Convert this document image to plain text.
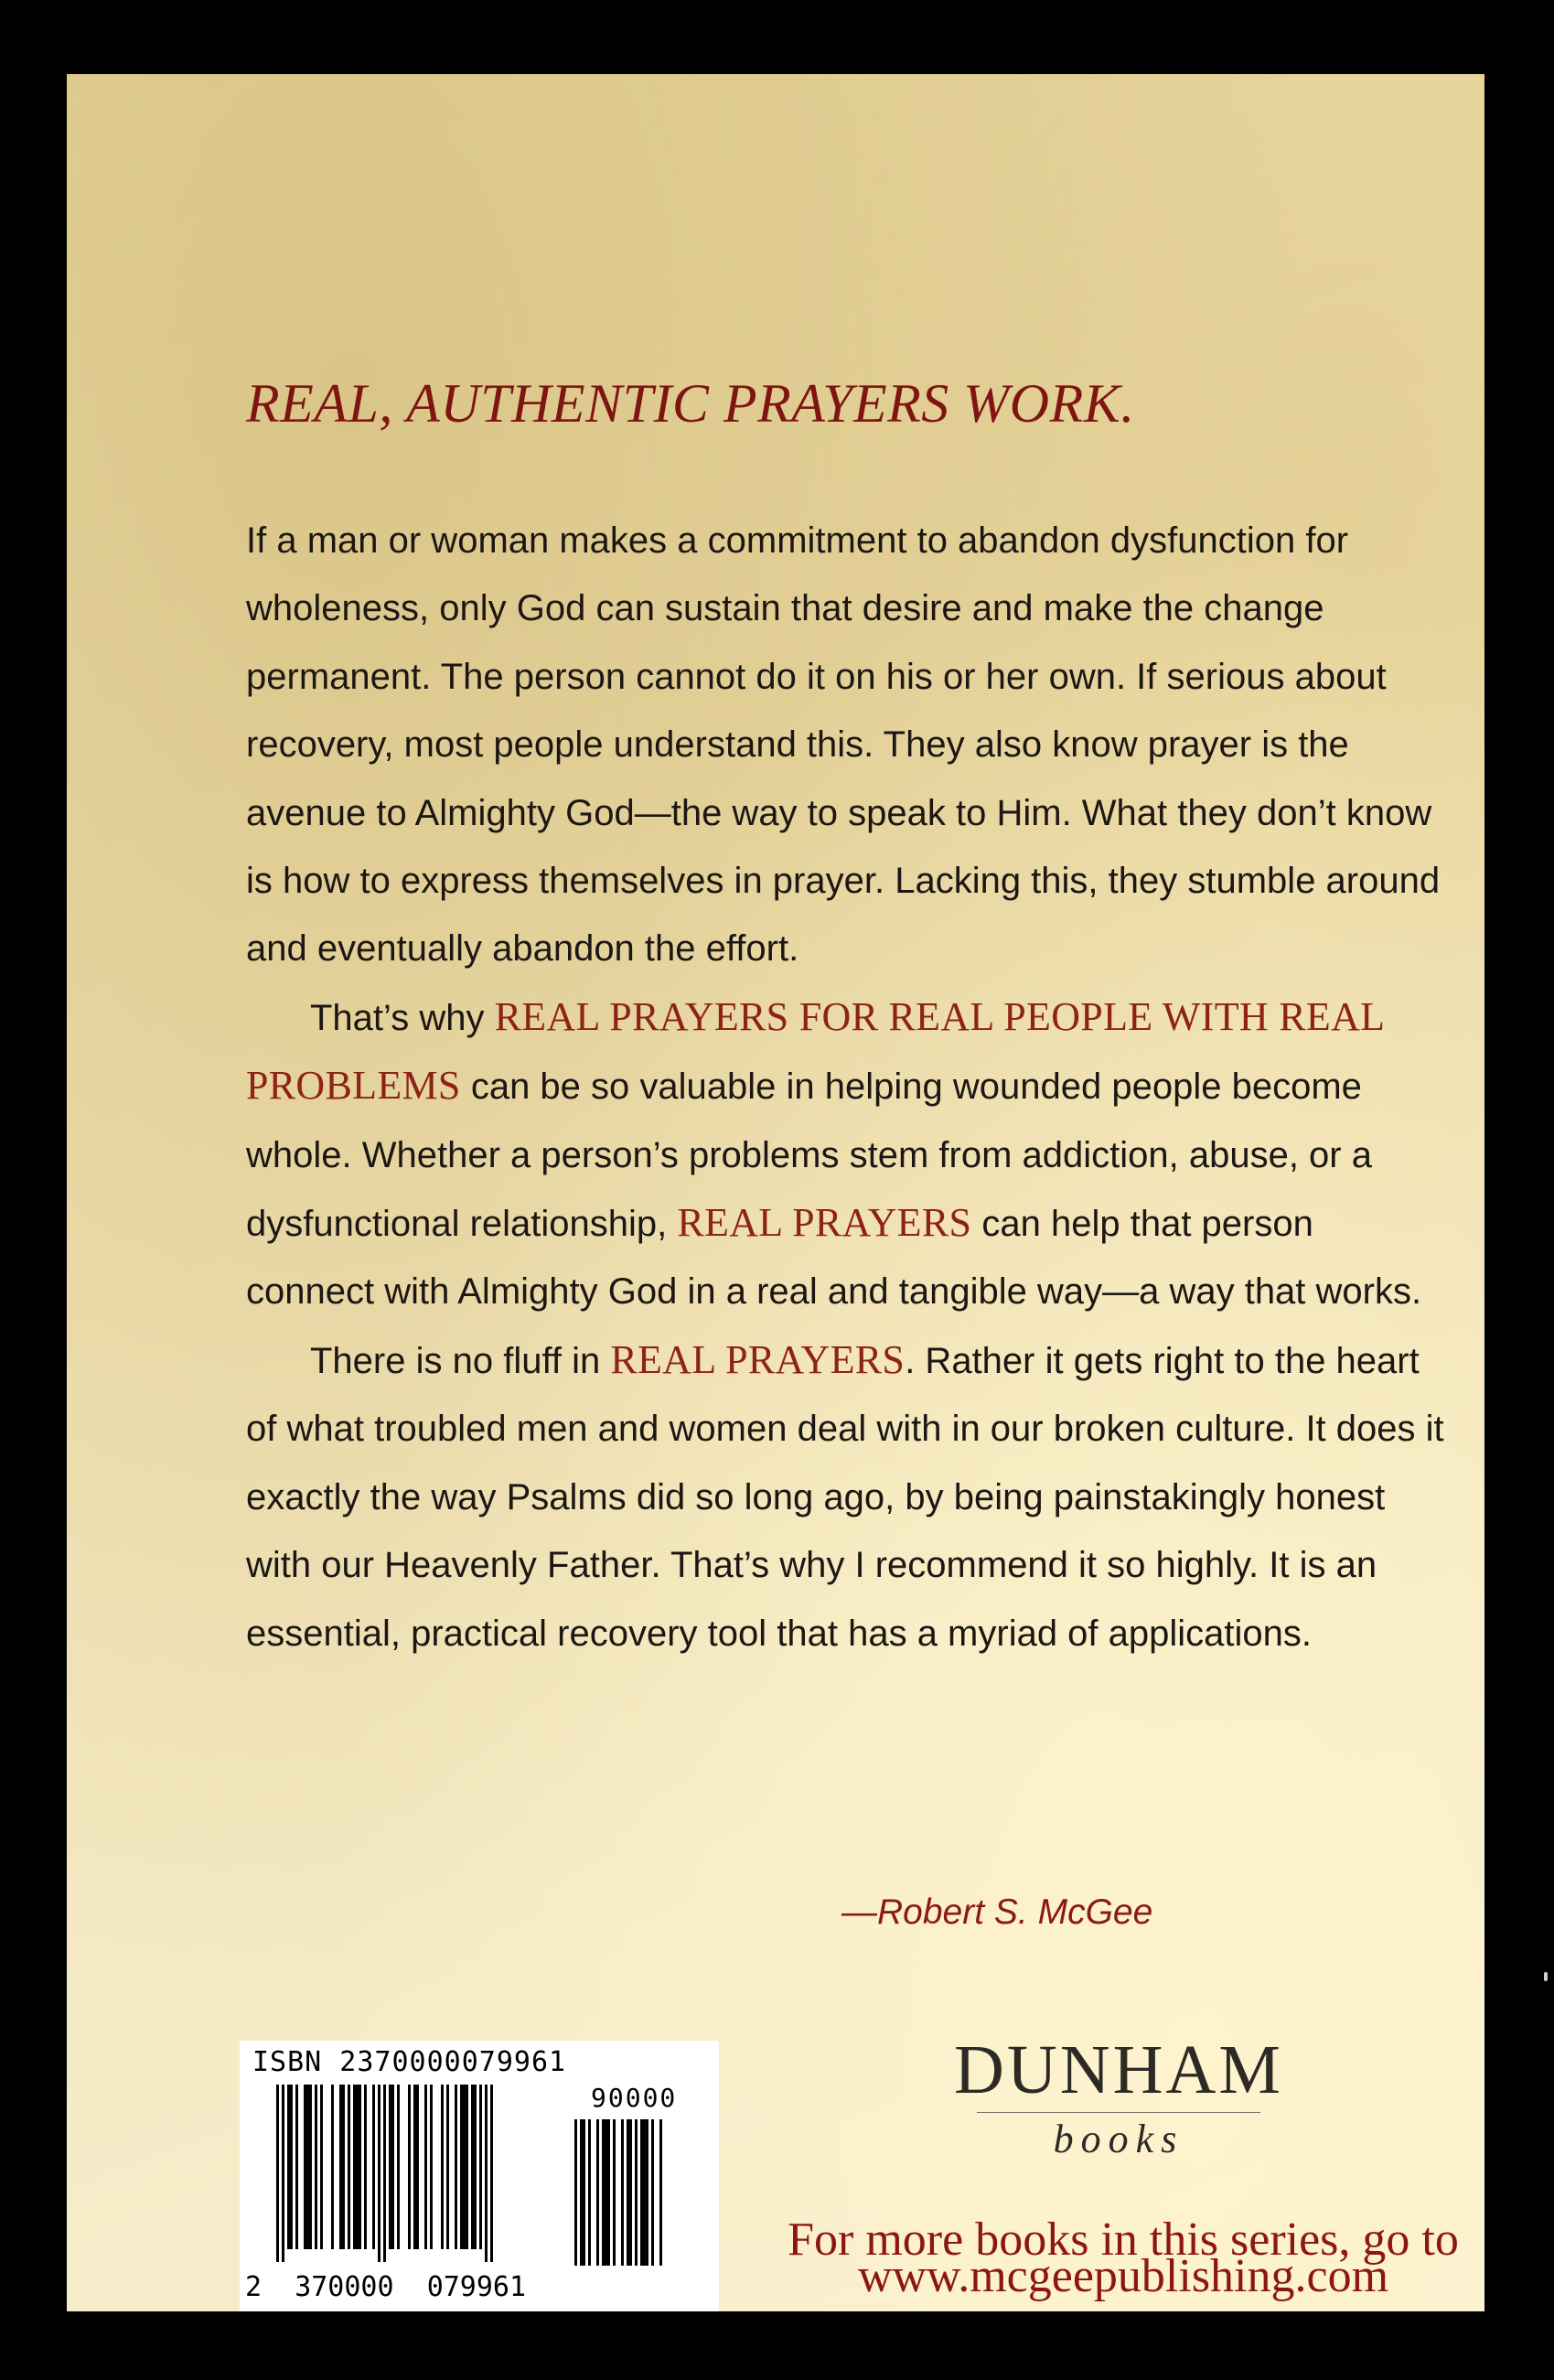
REAL, AUTHENTIC PRAYERS WORK.

If a man or woman makes a commitment to abandon dysfunction for wholeness, only God can sustain that desire and make the change permanent. The person cannot do it on his or her own. If serious about recovery, most people understand this. They also know prayer is the avenue to Almighty God—the way to speak to Him. What they don’t know is how to express themselves in prayer. Lacking this, they stumble around and eventually abandon the effort.

That’s why REAL PRAYERS FOR REAL PEOPLE WITH REAL PROBLEMS can be so valuable in helping wounded people become whole. Whether a person’s problems stem from addiction, abuse, or a dysfunctional relationship, REAL PRAYERS can help that person connect with Almighty God in a real and tangible way—a way that works.

There is no fluff in REAL PRAYERS. Rather it gets right to the heart of what troubled men and women deal with in our broken culture. It does it exactly the way Psalms did so long ago, by being painstakingly honest with our Heavenly Father. That’s why I recommend it so highly. It is an essential, practical recovery tool that has a myriad of applications.

—Robert S. McGee

ISBN 2370000079961
90000
2 370000 079961
DUNHAM
books
For more books in this series, go to
www.mcgeepublishing.com
